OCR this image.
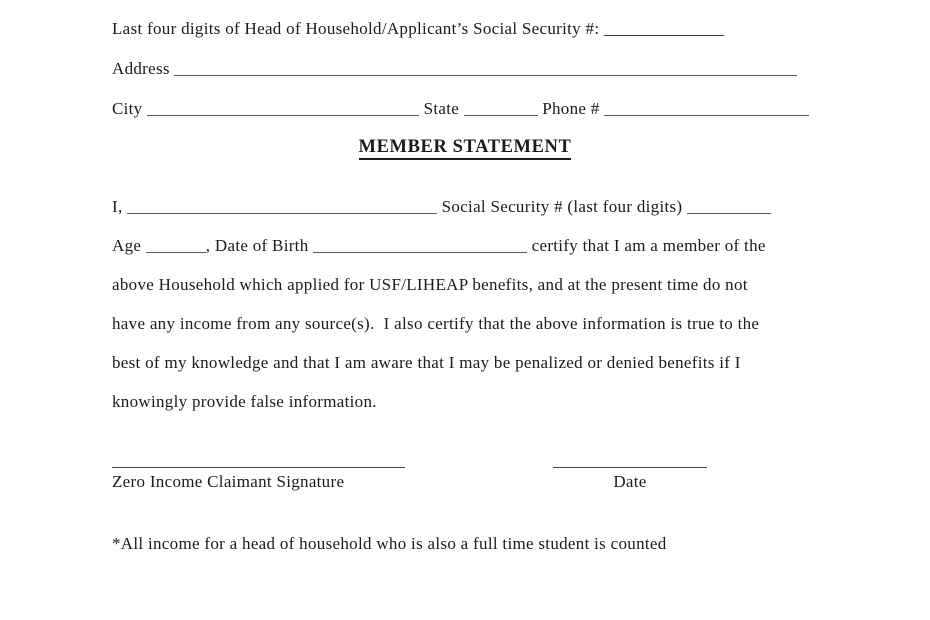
Last four digits of Head of Household/Applicant’s Social Security #:
Address
City	State	Phone #
MEMBER STATEMENT
I,	Social Security # (last four digits)
Age	, Date of Birth	certify that I am a member of the
above Household which applied for USF/LIHEAP benefits, and at the present time do not
have any income from any source(s).  I also certify that the above information is true to the
best of my knowledge and that I am aware that I may be penalized or denied benefits if I
knowingly provide false information.
Zero Income Claimant Signature	Date
*All income for a head of household who is also a full time student is counted
